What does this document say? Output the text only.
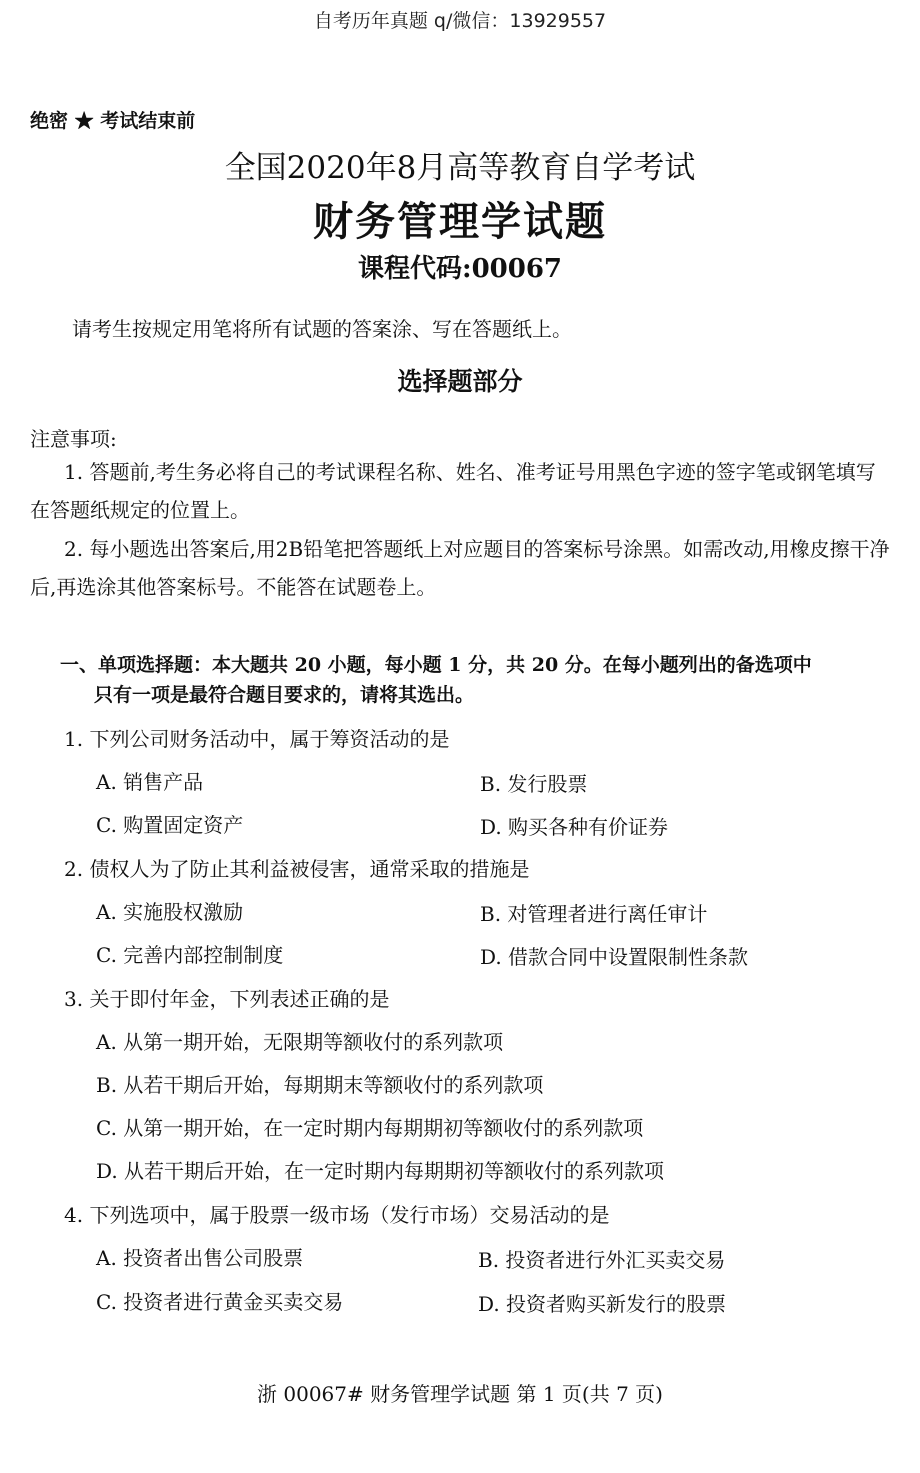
自考历年真题 q/微信：13929557
绝密 ★ 考试结束前
全国2020年8月高等教育自学考试
财务管理学试题
课程代码:00067
请考生按规定用笔将所有试题的答案涂、写在答题纸上。
选择题部分
注意事项:
1. 答题前,考生务必将自己的考试课程名称、姓名、准考证号用黑色字迹的签字笔或钢笔填写在答题纸规定的位置上。
2. 每小题选出答案后,用2B铅笔把答题纸上对应题目的答案标号涂黑。如需改动,用橡皮擦干净后,再选涂其他答案标号。不能答在试题卷上。
一、单项选择题：本大题共 20 小题，每小题 1 分，共 20 分。在每小题列出的备选项中
只有一项是最符合题目要求的，请将其选出。
1. 下列公司财务活动中，属于筹资活动的是
A. 销售产品	B. 发行股票
C. 购置固定资产	D. 购买各种有价证券
2. 债权人为了防止其利益被侵害，通常采取的措施是
A. 实施股权激励	B. 对管理者进行离任审计
C. 完善内部控制制度	D. 借款合同中设置限制性条款
3. 关于即付年金，下列表述正确的是
A. 从第一期开始，无限期等额收付的系列款项
B. 从若干期后开始，每期期末等额收付的系列款项
C. 从第一期开始，在一定时期内每期期初等额收付的系列款项
D. 从若干期后开始，在一定时期内每期期初等额收付的系列款项
4. 下列选项中，属于股票一级市场（发行市场）交易活动的是
A. 投资者出售公司股票	B. 投资者进行外汇买卖交易
C. 投资者进行黄金买卖交易	D. 投资者购买新发行的股票
浙 00067# 财务管理学试题 第 1 页(共 7 页)
